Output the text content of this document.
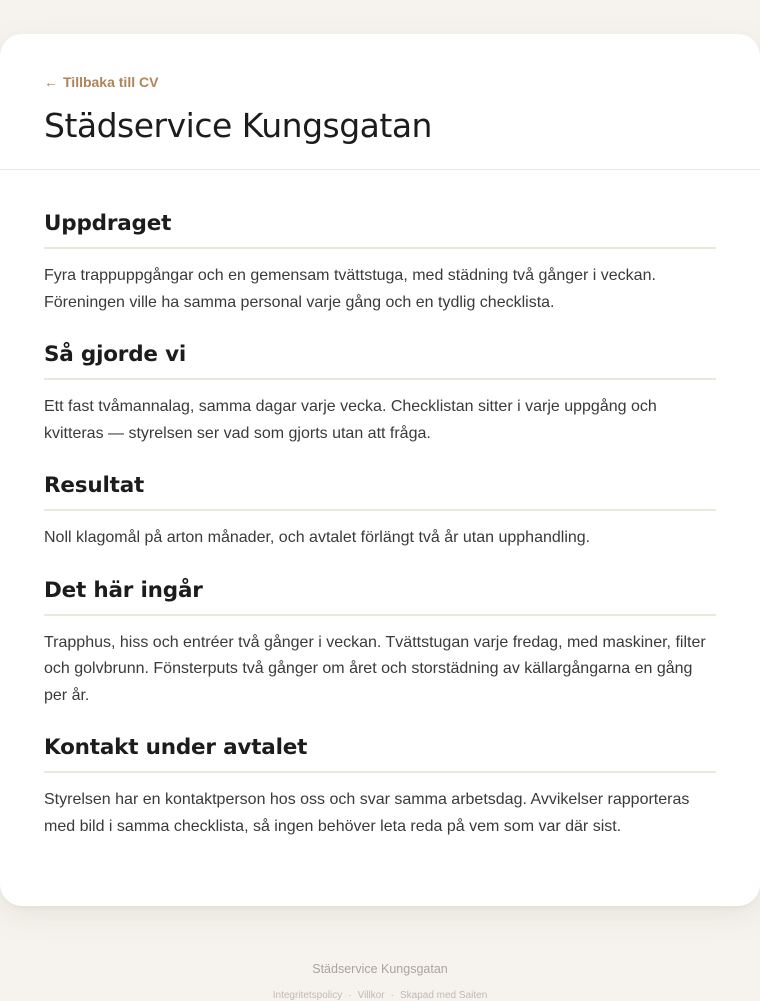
← Tillbaka till CV
Städservice Kungsgatan
Uppdraget

Fyra trappuppgångar och en gemensam tvättstuga, med städning två gånger i veckan. Föreningen ville ha samma personal varje gång och en tydlig checklista.

Så gjorde vi

Ett fast tvåmannalag, samma dagar varje vecka. Checklistan sitter i varje uppgång och kvitteras — styrelsen ser vad som gjorts utan att fråga.

Resultat

Noll klagomål på arton månader, och avtalet förlängt två år utan upphandling.

Det här ingår

Trapphus, hiss och entréer två gånger i veckan. Tvättstugan varje fredag, med maskiner, filter och golvbrunn. Fönsterputs två gånger om året och storstädning av källargångarna en gång per år.

Kontakt under avtalet

Styrelsen har en kontaktperson hos oss och svar samma arbetsdag. Avvikelser rapporteras med bild i samma checklista, så ingen behöver leta reda på vem som var där sist.

Städservice Kungsgatan
Integritetspolicy · Villkor · Skapad med Saiten
